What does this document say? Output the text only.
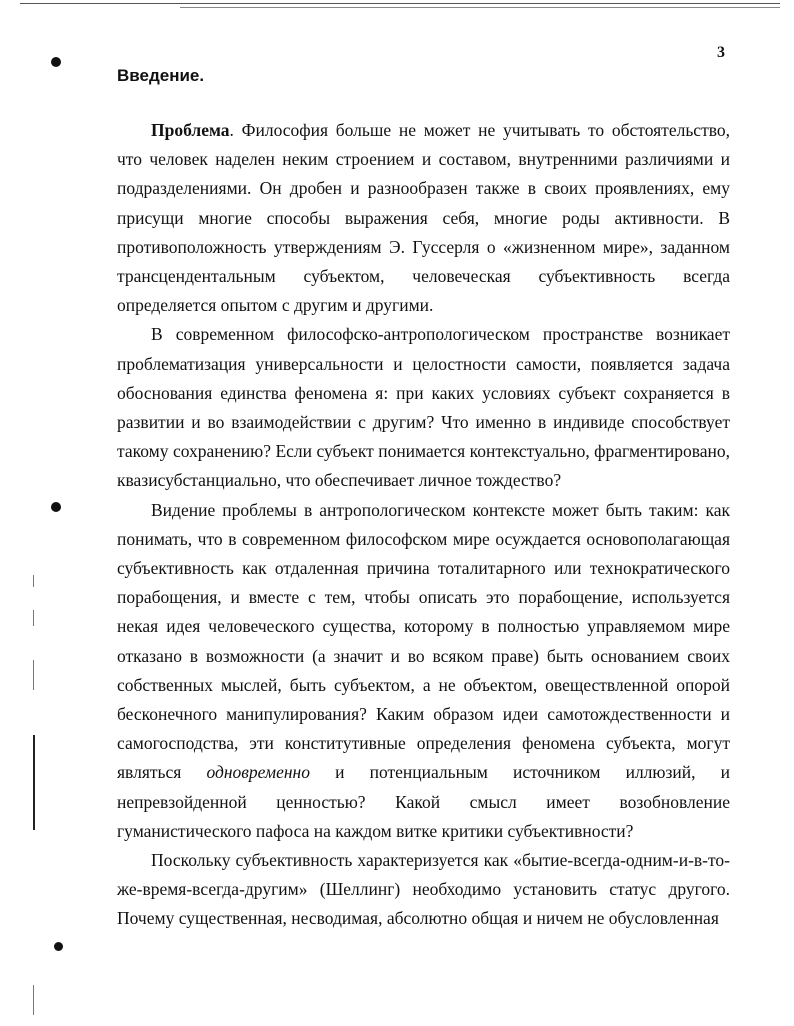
3
Введение.

Проблема. Философия больше не может не учитывать то обстоятельство, что человек наделен неким строением и составом, внутренними различиями и подразделениями. Он дробен и разнообразен также в своих проявлениях, ему присущи многие способы выражения себя, многие роды активности. В противоположность утверждениям Э. Гуссерля о «жизненном мире», заданном трансцендентальным субъектом, человеческая субъективность всегда определяется опытом с другим и другими.

В современном философско-антропологическом пространстве возникает проблематизация универсальности и целостности самости, появляется задача обоснования единства феномена я: при каких условиях субъект сохраняется в развитии и во взаимодействии с другим? Что именно в индивиде способствует такому сохранению? Если субъект понимается контекстуально, фрагментировано, квазисубстанциально, что обеспечивает личное тождество?

Видение проблемы в антропологическом контексте может быть таким: как понимать, что в современном философском мире осуждается основополагающая субъективность как отдаленная причина тоталитарного или технократического порабощения, и вместе с тем, чтобы описать это порабощение, используется некая идея человеческого существа, которому в полностью управляемом мире отказано в возможности (а значит и во всяком праве) быть основанием своих собственных мыслей, быть субъектом, а не объектом, овеществленной опорой бесконечного манипулирования? Каким образом идеи самотождественности и самогосподства, эти конститутивные определения феномена субъекта, могут являться одновременно и потенциальным источником иллюзий, и непревзойденной ценностью? Какой смысл имеет возобновление гуманистического пафоса на каждом витке критики субъективности?

Поскольку субъективность характеризуется как «бытие-всегда-одним-и-в-то-же-время-всегда-другим» (Шеллинг) необходимо установить статус другого. Почему существенная, несводимая, абсолютно общая и ничем не обусловленная
